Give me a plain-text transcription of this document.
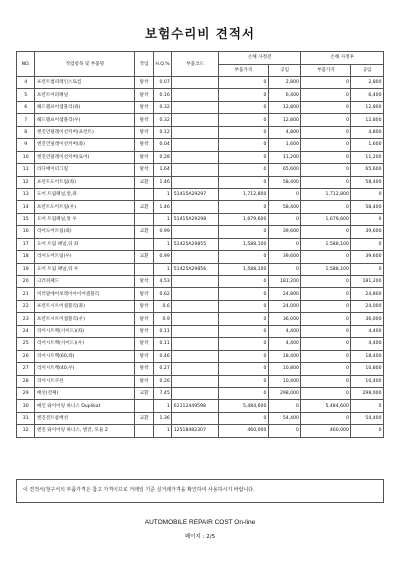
보험수리비 견적서
NO.	작업항목 및 부품명	작업	H.Q.%	부품코드	손해 사정전		손해 사정후	
					부품가격	공임	부품가격	공임
4	프런트범퍼레인스토컴	탈착	0.07		0	2,800	0	2,800
5	프런트어퍼패널	탈착	0.16		0	6,400	0	6,400
6	헤드램프어셈블리(좌)	탈착	0.32		0	12,800	0	12,800
7	헤드램프어셈블리(우)	탈착	0.32		0	12,800	0	12,800
8	엔진언덜레이션커버(프런트)	탈착	0.12		0	4,800	0	4,800
9	엔진언덜레이션커버(좌)	탈착	0.04		0	1,600	0	1,600
10	엔진언덜레이션커버(로어)	탈착	0.28		0	11,200	0	11,200
11	라디에이터그릴	탈착	1.64		0	65,600	0	65,600
12	프런트도어트림(좌)	교환	1.46		0	58,400	0	58,400
13	도어 트림패널,앞,좌		1	51415A29297	1,712,800	0	1,712,800	0
14	프런트도어트림(우)	교환	1.46		0	58,400	0	58,400
15	도어 트림패널,앞 우		1	51415A29298	1,679,600	0	1,679,600	0
16	리어도어트림(좌)	교환	0.99		0	39,600	0	39,600
17	도어 트림 패널,뒤 좌		1	51425A29855	1,588,100	0	1,588,100	0
18	리어도어트림(우)	교환	0.99		0	39,600	0	39,600
19	도어 트림 패널,뒤 우		1	51425A29856	1,588,100	0	1,588,100	0
20	크러쉬패드	탈착	4.53		0	181,200	0	181,200
21	미러말에어보레이아이어셈블리	탈착	0.62		0	24,800	0	24,800
22	프런트시트어셈블리(좌)	탈착	0.6		0	24,000	0	24,000
23	프런트시트어셈블리(우)	탈착	0.9		0	36,000	0	36,000
24	리어시트백(사이드)(좌)	탈착	0.11		0	4,400	0	4,400
25	리어시트백(사이드)(우)	탈착	0.11		0	4,400	0	4,400
26	리어시트백(60,좌)	탈착	0.46		0	18,400	0	18,400
27	리어시트백(40,우)	탈착	0.27		0	10,800	0	10,800
28	리어시트쿠션	탈착	0.26		0	10,400	0	10,400
29	배선(전체)	교환	7.45		0	298,000	0	298,000
30	메인 와이어링 하니스 Duplikat		1	61112449598	5,484,600	0	5,484,600	0
31	엔진전트룸배선	교환	1.36		0	54,400	0	54,400
32	엔진 와이어링 하니스, 엔진, 모듈 2		1	12518482307	460,000	0	460,000	0
이 견적서/청구서의 부품가격은 참고 가격이므로 거래일 기준 실거래가격을 확인하여 사용하시기 바랍니다.
AUTOMOBILE REPAIR COST On-line
페이지 : 2/5
